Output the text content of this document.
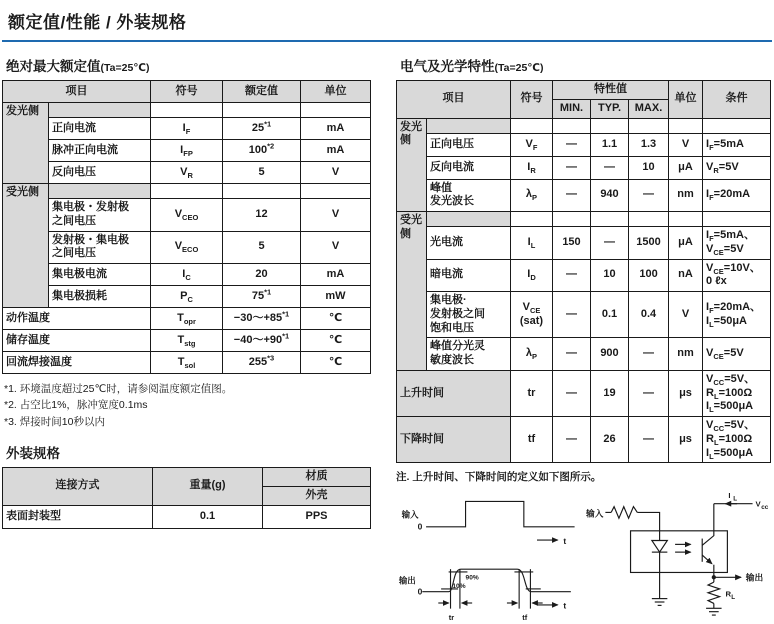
额定值/性能 / 外装规格
绝对最大额定值(Ta=25℃)
项目		符号	额定值	单位
发光侧				
	正向电流	$I_F$	25$^{*1}$	mA
	脉冲正向电流	$I_{FP}$	100$^{*2}$	mA
	反向电压	$V_R$	5	V
受光侧				
	集电极・发射极
之间电压	$V_{CEO}$	12	V
	发射极・集电极
之间电压	$V_{ECO}$	5	V
	集电极电流	$I_C$	20	mA
	集电极损耗	$P_C$	75$^{*1}$	mW
动作温度		$T_{opr}$	$-30\sim+85^{*1}$	℃
储存温度		$T_{stg}$	$-40\sim+90^{*1}$	℃
回流焊接温度		$T_{sol}$	255$^{*3}$	℃
*1. 环境温度超过25℃时，请参阅温度额定值图。
*2. 占空比1%，脉冲宽度0.1ms
*3. 焊接时间10秒以内
外装规格
连接方式	重量(g)	材质
		外壳
表面封装型	0.1	PPS
电气及光学特性(Ta=25℃)
项目		符号	特性值			单位	条件
			MIN.	TYP.	MAX.		
发光侧							
	正向电压	$V_F$	—	1.1	1.3	V	$I_F=5mA$
	反向电流	$I_R$	—	—	10	μA	$V_R=5V$
	峰值
发光波长	$\lambda_P$	—	940	—	nm	$I_F=20mA$
受光侧							
	光电流	$I_L$	150	—	1500	μA	$I_F=5mA$、
$V_{CE}=5V$
	暗电流	$I_D$	—	10	100	nA	$V_{CE}=10V$、
0 ℓx
	集电极·
发射极之间
饱和电压	$V_{CE}$
(sat)	—	0.1	0.4	V	$I_F=20mA$、
$I_L=50\mu A$
	峰值分光灵
敏度波长	$\lambda_P$	—	900	—	nm	$V_{CE}=5V$
上升时间		tr	—	19	—	μs	$V_{CC}=5V$、
$R_L=100\Omega$
$I_L=500\mu A$
下降时间		tf	—	26	—	μs	$V_{CC}=5V$、
$R_L=100\Omega$
$I_L=500\mu A$
注. 上升时间、下降时间的定义如下图所示。
输入
0
t
输出
0
90%
10%
tr	tf
t
输入
I L
V cc
输出
R L
